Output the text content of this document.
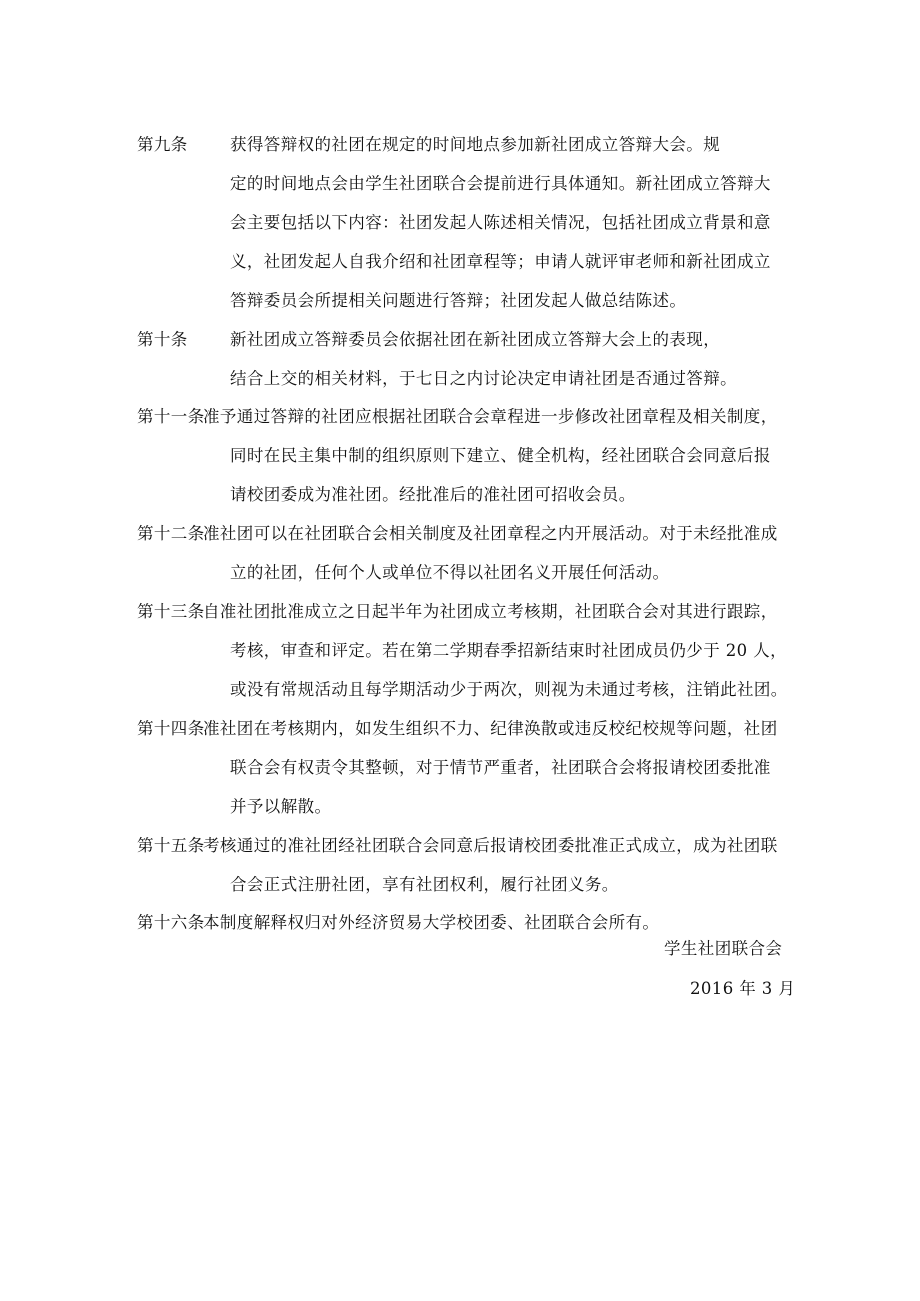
第九条	获得答辩权的社团在规定的时间地点参加新社团成立答辩大会。规
定的时间地点会由学生社团联合会提前进行具体通知。新社团成立答辩大
会主要包括以下内容：社团发起人陈述相关情况，包括社团成立背景和意
义，社团发起人自我介绍和社团章程等；申请人就评审老师和新社团成立
答辩委员会所提相关问题进行答辩；社团发起人做总结陈述。
第十条	新社团成立答辩委员会依据社团在新社团成立答辩大会上的表现，
结合上交的相关材料，于七日之内讨论决定申请社团是否通过答辩。
第十一条
准予通过答辩的社团应根据社团联合会章程进一步修改社团章程及相关制度，
同时在民主集中制的组织原则下建立、健全机构，经社团联合会同意后报
请校团委成为准社团。经批准后的准社团可招收会员。
第十二条
准社团可以在社团联合会相关制度及社团章程之内开展活动。对于未经批准成
立的社团，任何个人或单位不得以社团名义开展任何活动。
第十三条
自准社团批准成立之日起半年为社团成立考核期，社团联合会对其进行跟踪，
考核，审查和评定。若在第二学期春季招新结束时社团成员仍少于 20 人，
或没有常规活动且每学期活动少于两次，则视为未通过考核，注销此社团。
第十四条
准社团在考核期内，如发生组织不力、纪律涣散或违反校纪校规等问题，社团
联合会有权责令其整顿，对于情节严重者，社团联合会将报请校团委批准
并予以解散。
第十五条
考核通过的准社团经社团联合会同意后报请校团委批准正式成立，成为社团联
合会正式注册社团，享有社团权利，履行社团义务。
第十六条
本制度解释权归对外经济贸易大学校团委、社团联合会所有。
学生社团联合会
2016 年 3 月
